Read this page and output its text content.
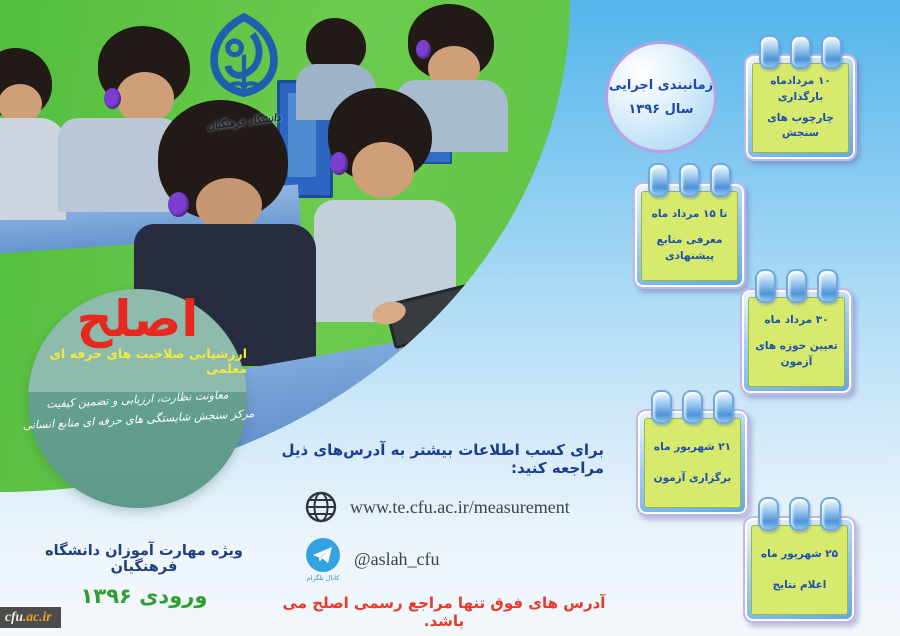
دانشگاه فرهنگیان
اصلح
ارزشیابی صلاحیت های حرفه ای معلمی
معاونت نظارت، ارزیابی و تضمین کیفیت
مرکز سنجش شایستگی های حرفه ای منابع انسانی
زمانبندی اجرایی
سال ۱۳۹۶
۱۰ مردادماه بارگذاری
چارچوب های سنجش
تا ۱۵ مرداد ماه
معرفی منابع پیشنهادی
۳۰ مرداد ماه
تعیین حوزه های آزمون
۲۱ شهریور ماه
برگزاری آزمون
۲۵ شهریور ماه
اعلام نتایج
برای کسب اطلاعات بیشتر به آدرس‌های ذیل مراجعه کنید:
www.te.cfu.ac.ir/measurement
کانال تلگرام
@aslah_cfu
آدرس های فوق تنها مراجع رسمی اصلح می باشد.
ویژه مهارت آموزان دانشگاه فرهنگیان
ورودی ۱۳۹۶
cfu.ac.ir
